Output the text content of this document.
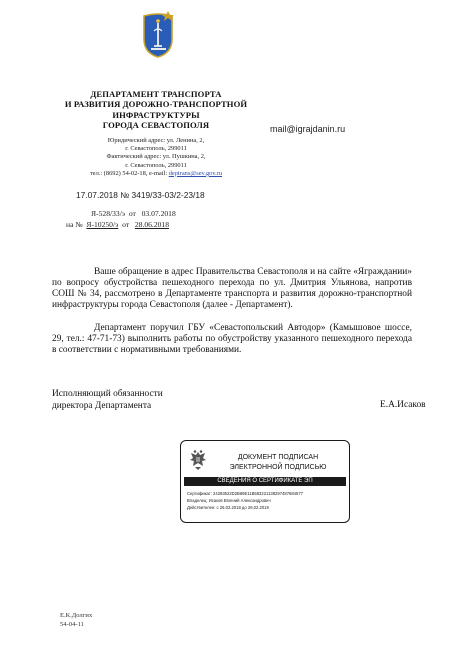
ДЕПАРТАМЕНТ ТРАНСПОРТА
И РАЗВИТИЯ ДОРОЖНО-ТРАНСПОРТНОЙ
ИНФРАСТРУКТУРЫ
ГОРОДА СЕВАСТОПОЛЯ
Юридический адрес: ул. Ленина, 2,
г. Севастополь, 299011
Фактический адрес: ул. Пушкина, 2,
г. Севастополь, 299011
тел.: (8692) 54-02-18, e-mail: deptrans@sev.gov.ru
mail@igrajdanin.ru
17.07.2018 № 3419/33-03/2-23/18
Я-528/33/э от 03.07.2018
на № Я-10250/э от 28.06.2018
Ваше обращение в адрес Правительства Севастополя и на сайте «Яграждании» по вопросу обустройства пешеходного перехода по ул. Дмитрия Ульянова, напротив СОШ № 34, рассмотрено в Департаменте транспорта и развития дорожно-транспортной инфраструктуры города Севастополя (далее - Департамент).
Департамент поручил ГБУ «Севастопольский Автодор» (Камышовое шоссе, 29, тел.: 47-71-73) выполнить работы по обустройству указанного пешеходного перехода в соответствии с нормативными требованиями.
Исполняющий обязанности
директора Департамента	Е.А.Исаков
ДОКУМЕНТ ПОДПИСАН
ЭЛЕКТРОННОЙ ПОДПИСЬЮ
СВЕДЕНИЯ О СЕРТИФИКАТЕ ЭП
Сертификат: 24283522D2B69E11B583221138297487684577
Владелец: Исаков Евгений Александрович
Действителен: с 26.02.2018 до 26.02.2019
Е.К.Долгих
54-04-11
